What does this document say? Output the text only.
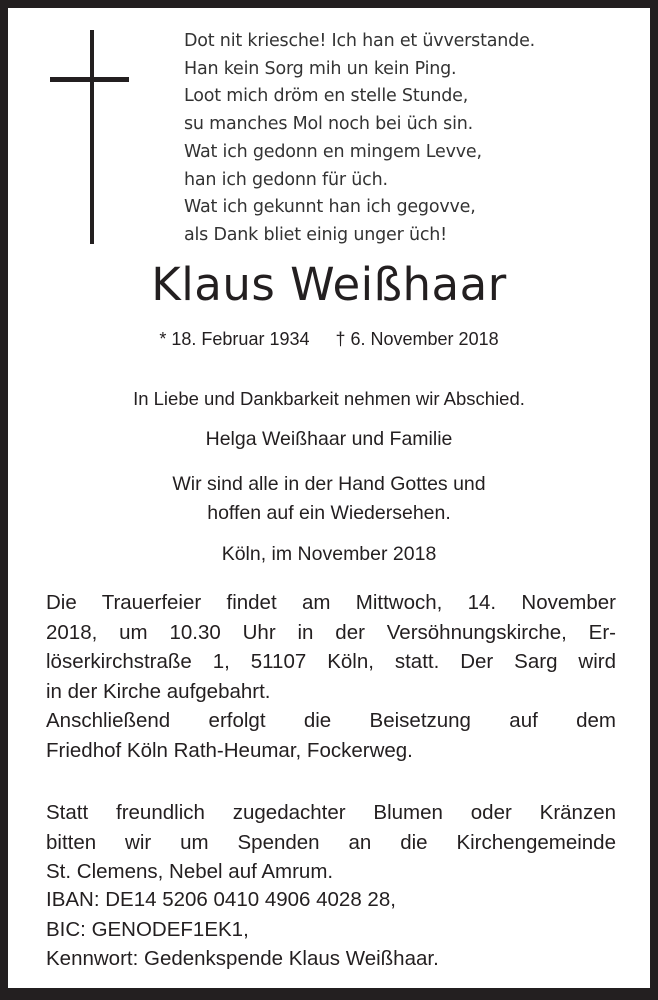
Dot nit kriesche! Ich han et üvverstande.
Han kein Sorg mih un kein Ping.
Loot mich dröm en stelle Stunde,
su manches Mol noch bei üch sin.
Wat ich gedonn en mingem Levve,
han ich gedonn für üch.
Wat ich gekunnt han ich gegovve,
als Dank bliet einig unger üch!
Klaus Weißhaar
* 18. Februar 1934 † 6. November 2018
In Liebe und Dankbarkeit nehmen wir Abschied.
Helga Weißhaar und Familie
Wir sind alle in der Hand Gottes und
hoffen auf ein Wiedersehen.
Köln, im November 2018
Die Trauerfeier findet am Mittwoch, 14. November
2018, um 10.30 Uhr in der Versöhnungskirche, Er-
löserkirchstraße 1, 51107 Köln, statt. Der Sarg wird
in der Kirche aufgebahrt.
Anschließend erfolgt die Beisetzung auf dem
Friedhof Köln Rath-Heumar, Fockerweg.
Statt freundlich zugedachter Blumen oder Kränzen
bitten wir um Spenden an die Kirchengemeinde
St. Clemens, Nebel auf Amrum.
IBAN: DE14 5206 0410 4906 4028 28,
BIC: GENODEF1EK1,
Kennwort: Gedenkspende Klaus Weißhaar.
